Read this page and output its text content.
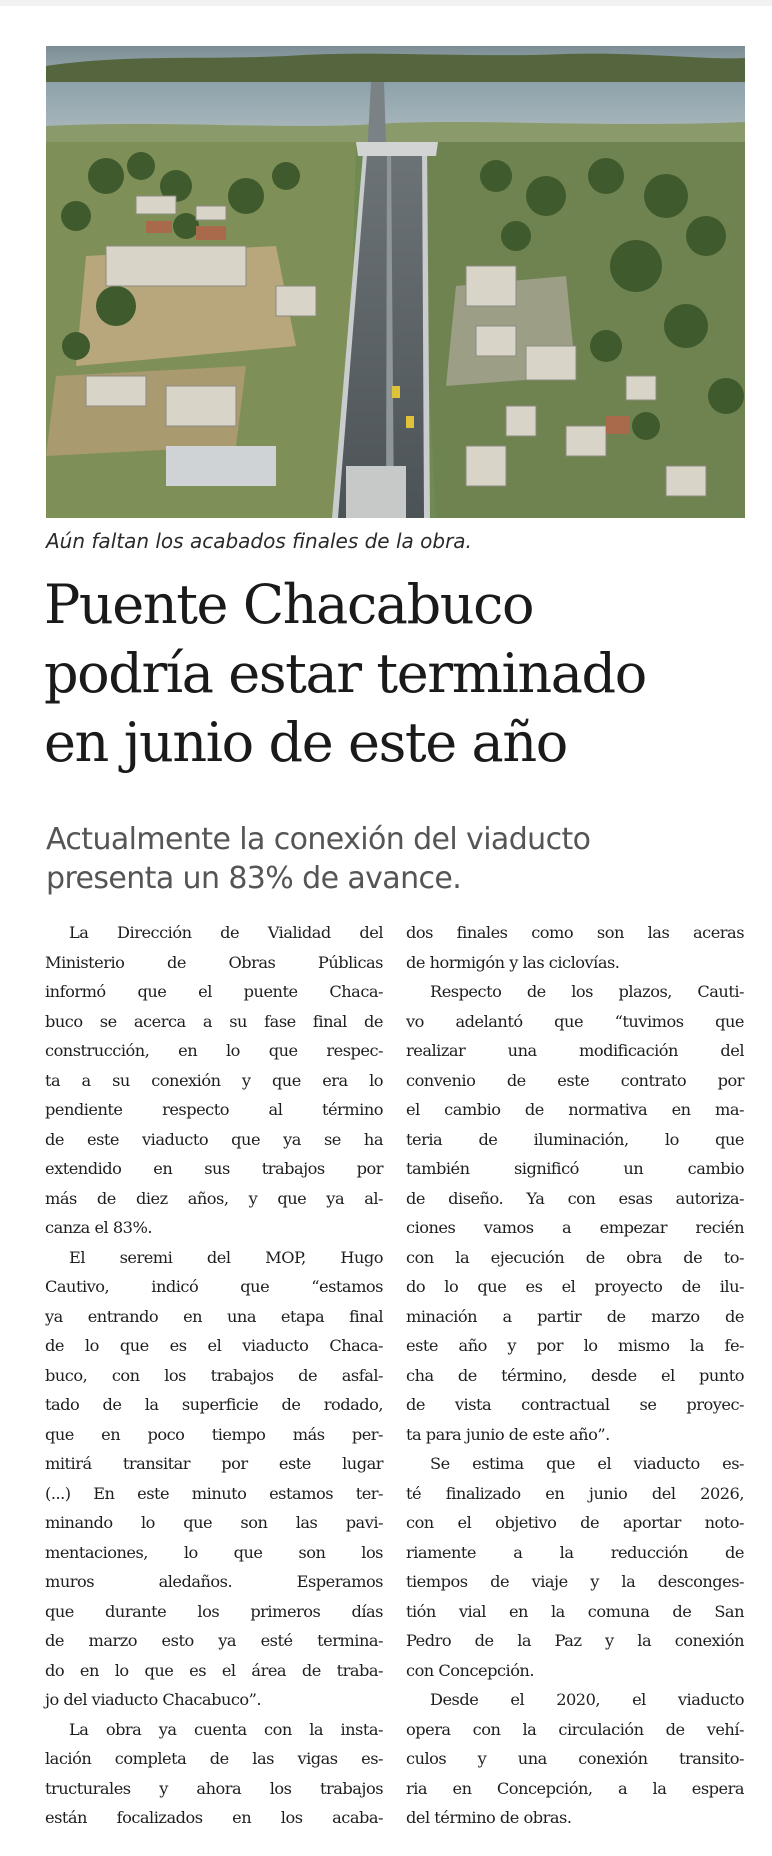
Aún faltan los acabados finales de la obra.
Puente Chacabuco
podría estar terminado
en junio de este año
Actualmente la conexión del viaducto
presenta un 83% de avance.
La Dirección de Vialidad del
Ministerio de Obras Públicas
informó que el puente Chaca-
buco se acerca a su fase final de
construcción, en lo que respec-
ta a su conexión y que era lo
pendiente respecto al término
de este viaducto que ya se ha
extendido en sus trabajos por
más de diez años, y que ya al-
canza el 83%.
El seremi del MOP, Hugo
Cautivo, indicó que “estamos
ya entrando en una etapa final
de lo que es el viaducto Chaca-
buco, con los trabajos de asfal-
tado de la superficie de rodado,
que en poco tiempo más per-
mitirá transitar por este lugar
(...) En este minuto estamos ter-
minando lo que son las pavi-
mentaciones, lo que son los
muros aledaños. Esperamos
que durante los primeros días
de marzo esto ya esté termina-
do en lo que es el área de traba-
jo del viaducto Chacabuco”.
La obra ya cuenta con la insta-
lación completa de las vigas es-
tructurales y ahora los trabajos
están focalizados en los acaba-
dos finales como son las aceras
de hormigón y las ciclovías.
Respecto de los plazos, Cauti-
vo adelantó que “tuvimos que
realizar una modificación del
convenio de este contrato por
el cambio de normativa en ma-
teria de iluminación, lo que
también significó un cambio
de diseño. Ya con esas autoriza-
ciones vamos a empezar recién
con la ejecución de obra de to-
do lo que es el proyecto de ilu-
minación a partir de marzo de
este año y por lo mismo la fe-
cha de término, desde el punto
de vista contractual se proyec-
ta para junio de este año”.
Se estima que el viaducto es-
té finalizado en junio del 2026,
con el objetivo de aportar noto-
riamente a la reducción de
tiempos de viaje y la desconges-
tión vial en la comuna de San
Pedro de la Paz y la conexión
con Concepción.
Desde el 2020, el viaducto
opera con la circulación de vehí-
culos y una conexión transito-
ria en Concepción, a la espera
del término de obras.
